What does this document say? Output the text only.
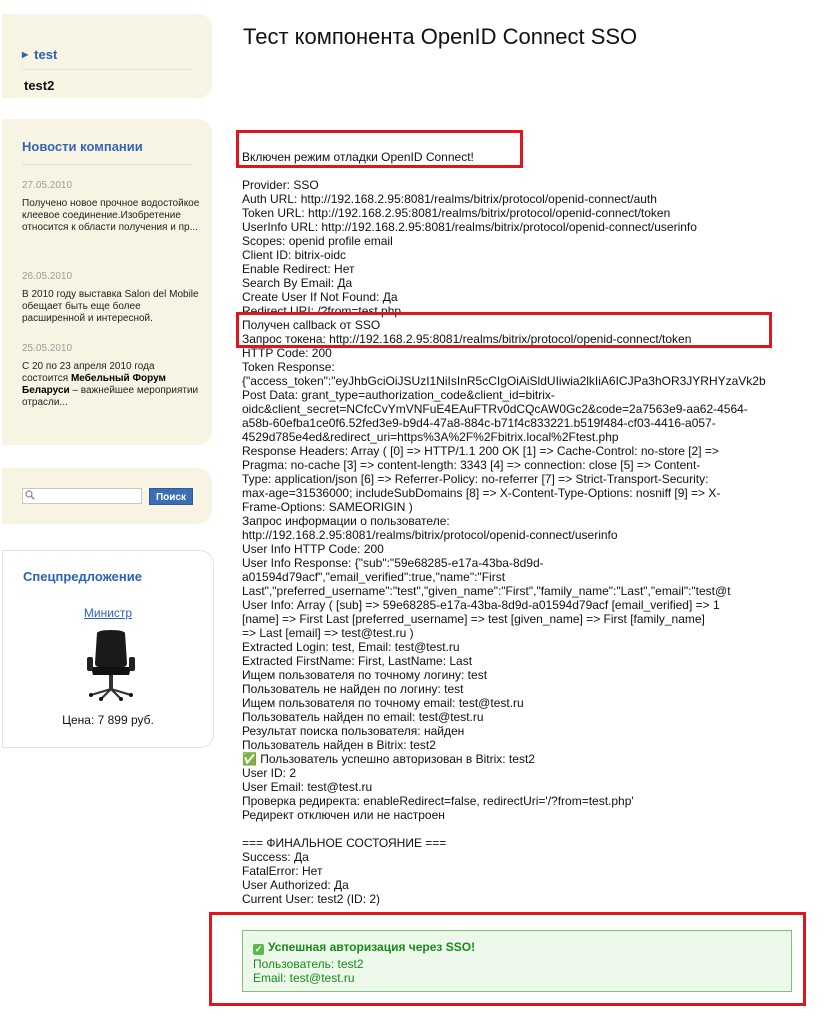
▶ test
test2
Новости компании
27.05.2010
Получено новое прочное водостойкое клеевое соединение.Изобретение относится к области получения и пр...
26.05.2010
В 2010 году выставка Salon del Mobile обещает быть еще более расширенной и интересной.
25.05.2010
С 20 по 23 апреля 2010 года состоится Мебельный Форум Беларуси – важнейшее мероприятии отрасли...
Поиск
Спецпредложение
Министр
Цена: 7 899 руб.
Тест компонента OpenID Connect SSO
Включен режим отладки OpenID Connect!
Provider: SSO
Auth URL: http://192.168.2.95:8081/realms/bitrix/protocol/openid-connect/auth
Token URL: http://192.168.2.95:8081/realms/bitrix/protocol/openid-connect/token
UserInfo URL: http://192.168.2.95:8081/realms/bitrix/protocol/openid-connect/userinfo
Scopes: openid profile email
Client ID: bitrix-oidc
Enable Redirect: Нет
Search By Email: Да
Create User If Not Found: Да
Redirect URI: /?from=test.php
Получен callback от SSO
Запрос токена: http://192.168.2.95:8081/realms/bitrix/protocol/openid-connect/token
HTTP Code: 200
Token Response:
{"access_token":"eyJhbGciOiJSUzI1NiIsInR5cCIgOiAiSldUIiwia2lkIiA6ICJPa3hOR3JYRHYzaVk2b
Post Data: grant_type=authorization_code&client_id=bitrix-
oidc&client_secret=NCfcCvYmVNFuE4EAuFTRv0dCQcAW0Gc2&code=2a7563e9-aa62-4564-
a58b-60efba1ce0f6.52fed3e9-b9d4-47a8-884c-b71f4c833221.b519f484-cf03-4416-a057-
4529d785e4ed&redirect_uri=https%3A%2F%2Fbitrix.local%2Ftest.php
Response Headers: Array ( [0] => HTTP/1.1 200 OK [1] => Cache-Control: no-store [2] =>
Pragma: no-cache [3] => content-length: 3343 [4] => connection: close [5] => Content-
Type: application/json [6] => Referrer-Policy: no-referrer [7] => Strict-Transport-Security:
max-age=31536000; includeSubDomains [8] => X-Content-Type-Options: nosniff [9] => X-
Frame-Options: SAMEORIGIN )
Запрос информации о пользователе:
http://192.168.2.95:8081/realms/bitrix/protocol/openid-connect/userinfo
User Info HTTP Code: 200
User Info Response: {"sub":"59e68285-e17a-43ba-8d9d-
a01594d79acf","email_verified":true,"name":"First
Last","preferred_username":"test","given_name":"First","family_name":"Last","email":"test@t
User Info: Array ( [sub] => 59e68285-e17a-43ba-8d9d-a01594d79acf [email_verified] => 1
[name] => First Last [preferred_username] => test [given_name] => First [family_name]
=> Last [email] => test@test.ru )
Extracted Login: test, Email: test@test.ru
Extracted FirstName: First, LastName: Last
Ищем пользователя по точному логину: test
Пользователь не найден по логину: test
Ищем пользователя по точному email: test@test.ru
Пользователь найден по email: test@test.ru
Результат поиска пользователя: найден
Пользователь найден в Bitrix: test2
✅ Пользователь успешно авторизован в Bitrix: test2
User ID: 2
User Email: test@test.ru
Проверка редиректа: enableRedirect=false, redirectUri='/?from=test.php'
Редирект отключен или не настроен
=== ФИНАЛЬНОЕ СОСТОЯНИЕ ===
Success: Да
FatalError: Нет
User Authorized: Да
Current User: test2 (ID: 2)
✓ Успешная авторизация через SSO!
Пользователь: test2
Email: test@test.ru
